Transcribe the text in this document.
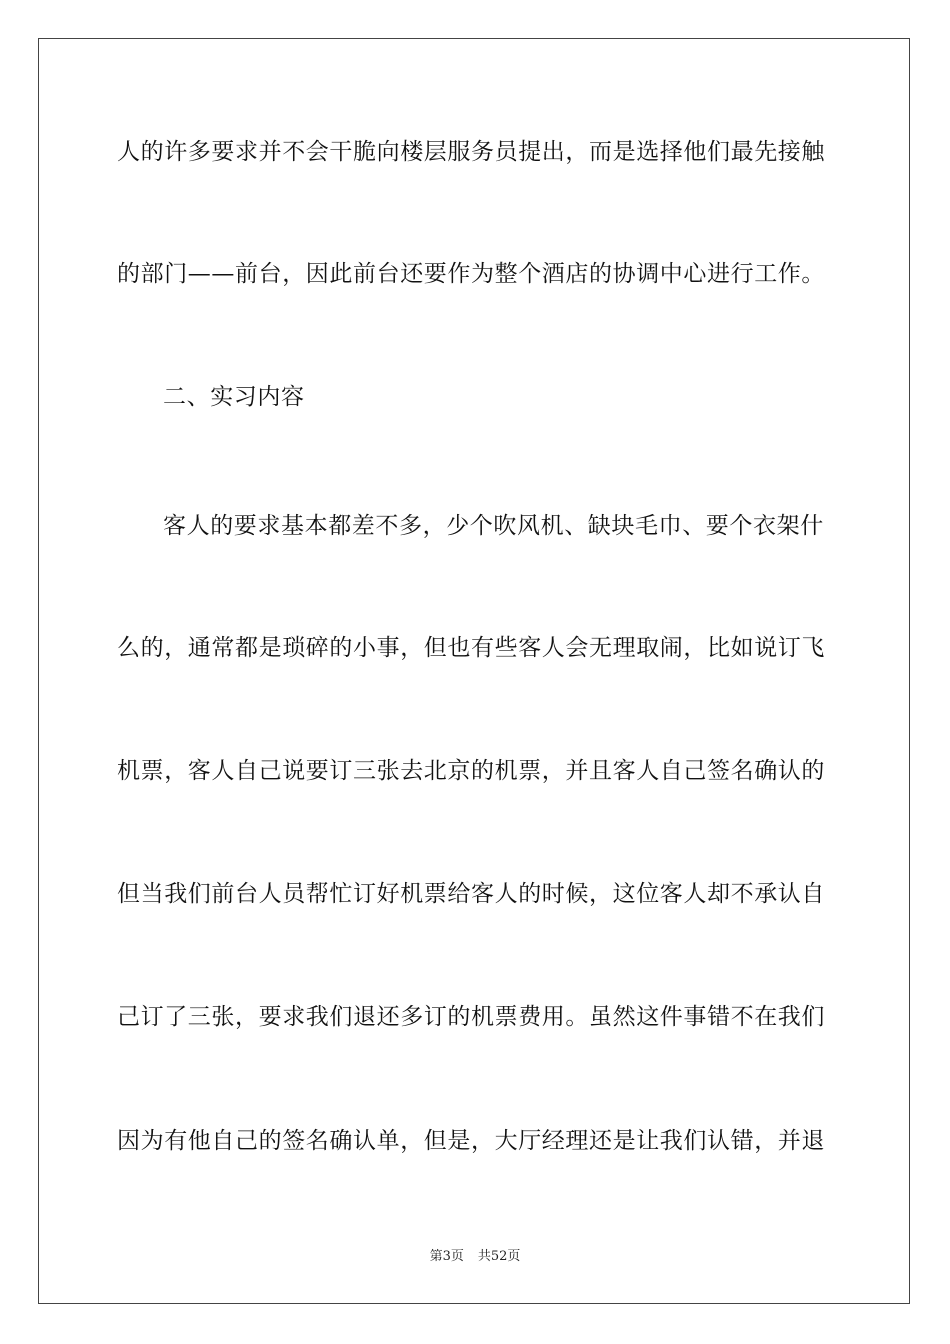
人的许多要求并不会干脆向楼层服务员提出，而是选择他们最先接触
的部门——前台，因此前台还要作为整个酒店的协调中心进行工作。
二、实习内容
客人的要求基本都差不多，少个吹风机、缺块毛巾、要个衣架什
么的，通常都是琐碎的小事，但也有些客人会无理取闹，比如说订飞
机票，客人自己说要订三张去北京的机票，并且客人自己签名确认的
但当我们前台人员帮忙订好机票给客人的时候，这位客人却不承认自
己订了三张，要求我们退还多订的机票费用。虽然这件事错不在我们
因为有他自己的签名确认单，但是，大厅经理还是让我们认错，并退
第3页 共52页
